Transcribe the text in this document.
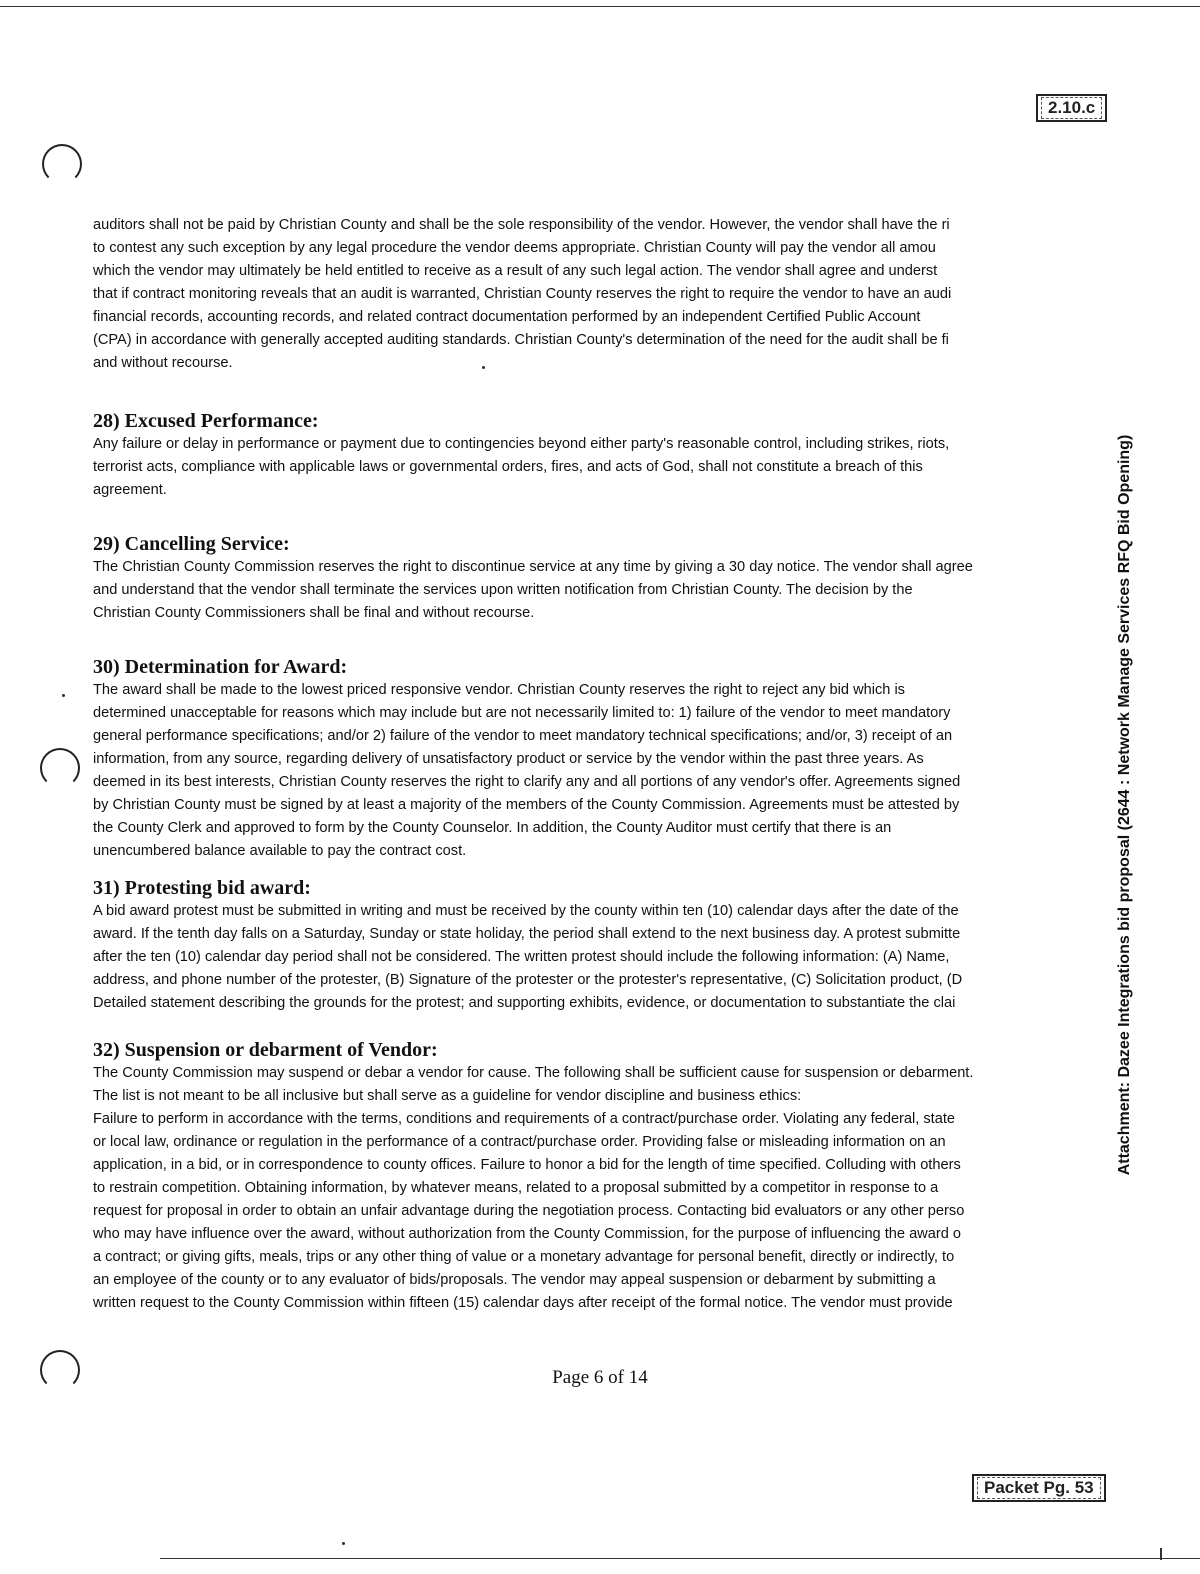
2.10.c
auditors shall not be paid by Christian County and shall be the sole responsibility of the vendor. However, the vendor shall have the ri
to contest any such exception by any legal procedure the vendor deems appropriate. Christian County will pay the vendor all amou
which the vendor may ultimately be held entitled to receive as a result of any such legal action. The vendor shall agree and underst
that if contract monitoring reveals that an audit is warranted, Christian County reserves the right to require the vendor to have an audi
financial records, accounting records, and related contract documentation performed by an independent Certified Public Account
(CPA) in accordance with generally accepted auditing standards. Christian County's determination of the need for the audit shall be fi
and without recourse.
28) Excused Performance:
Any failure or delay in performance or payment due to contingencies beyond either party's reasonable control, including strikes, riots,
terrorist acts, compliance with applicable laws or governmental orders, fires, and acts of God, shall not constitute a breach of this
agreement.
29) Cancelling Service:
The Christian County Commission reserves the right to discontinue service at any time by giving a 30 day notice. The vendor shall agree
and understand that the vendor shall terminate the services upon written notification from Christian County. The decision by the
Christian County Commissioners shall be final and without recourse.
30) Determination for Award:
The award shall be made to the lowest priced responsive vendor. Christian County reserves the right to reject any bid which is
determined unacceptable for reasons which may include but are not necessarily limited to: 1) failure of the vendor to meet mandatory
general performance specifications; and/or 2) failure of the vendor to meet mandatory technical specifications; and/or, 3) receipt of an
information, from any source, regarding delivery of unsatisfactory product or service by the vendor within the past three years. As
deemed in its best interests, Christian County reserves the right to clarify any and all portions of any vendor's offer. Agreements signed
by Christian County must be signed by at least a majority of the members of the County Commission. Agreements must be attested by
the County Clerk and approved to form by the County Counselor. In addition, the County Auditor must certify that there is an
unencumbered balance available to pay the contract cost.
31) Protesting bid award:
A bid award protest must be submitted in writing and must be received by the county within ten (10) calendar days after the date of the
award. If the tenth day falls on a Saturday, Sunday or state holiday, the period shall extend to the next business day. A protest submitte
after the ten (10) calendar day period shall not be considered. The written protest should include the following information: (A) Name,
address, and phone number of the protester, (B) Signature of the protester or the protester's representative, (C) Solicitation product, (D
Detailed statement describing the grounds for the protest; and supporting exhibits, evidence, or documentation to substantiate the clai
32) Suspension or debarment of Vendor:
The County Commission may suspend or debar a vendor for cause. The following shall be sufficient cause for suspension or debarment.
The list is not meant to be all inclusive but shall serve as a guideline for vendor discipline and business ethics:
Failure to perform in accordance with the terms, conditions and requirements of a contract/purchase order. Violating any federal, state
or local law, ordinance or regulation in the performance of a contract/purchase order. Providing false or misleading information on an
application, in a bid, or in correspondence to county offices. Failure to honor a bid for the length of time specified. Colluding with others
to restrain competition. Obtaining information, by whatever means, related to a proposal submitted by a competitor in response to a
request for proposal in order to obtain an unfair advantage during the negotiation process. Contacting bid evaluators or any other perso
who may have influence over the award, without authorization from the County Commission, for the purpose of influencing the award o
a contract; or giving gifts, meals, trips or any other thing of value or a monetary advantage for personal benefit, directly or indirectly, to
an employee of the county or to any evaluator of bids/proposals. The vendor may appeal suspension or debarment by submitting a
written request to the County Commission within fifteen (15) calendar days after receipt of the formal notice. The vendor must provide
Attachment: Dazee Integrations bid proposal (2644 : Network Manage Services RFQ Bid Opening)
Page 6 of 14
Packet Pg. 53
